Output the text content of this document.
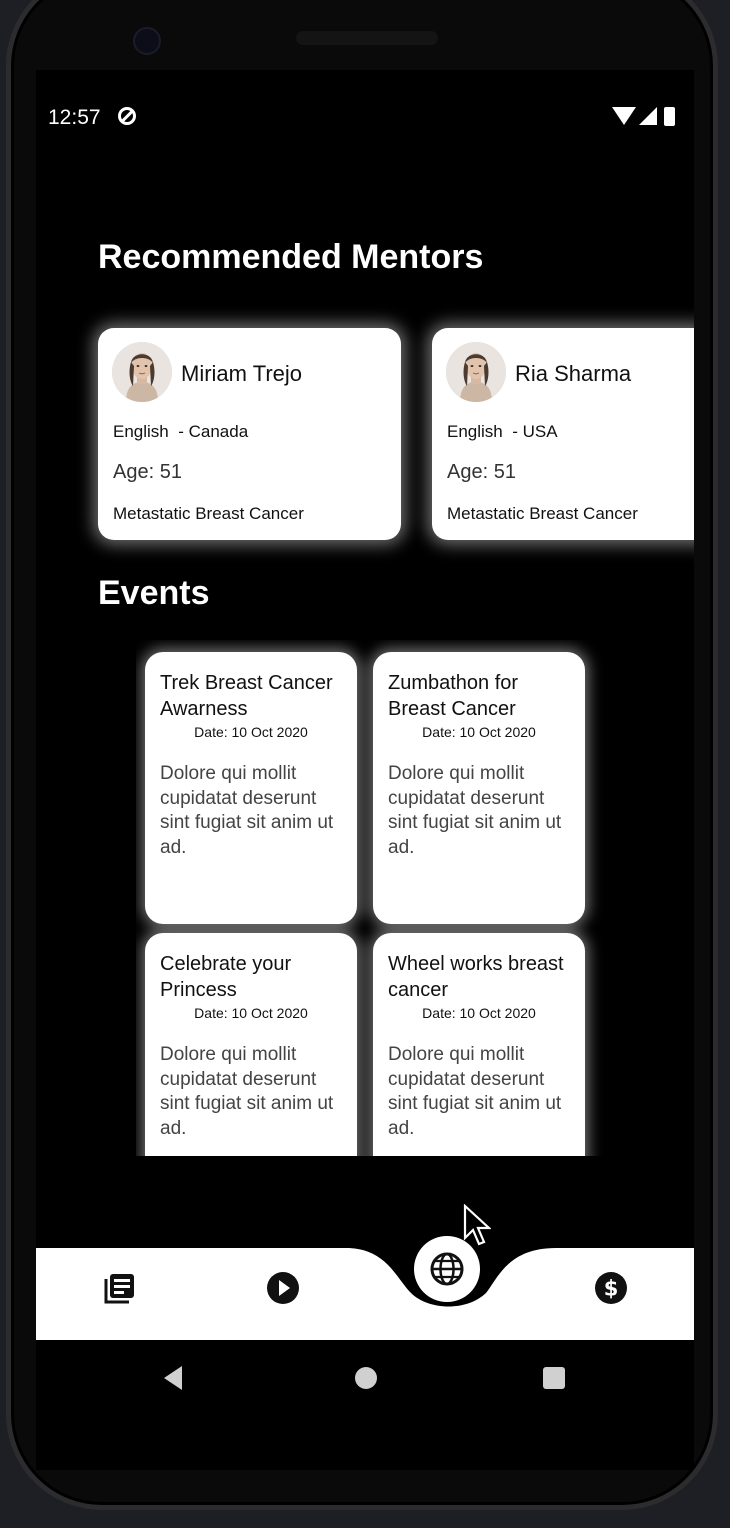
12:57
Recommended Mentors
Miriam Trejo
English - Canada
Age: 51
Metastatic Breast Cancer
Ria Sharma
English - USA
Age: 51
Metastatic Breast Cancer
Events
Trek Breast Cancer Awarness

Date: 10 Oct 2020

Dolore qui mollit cupidatat deserunt sint fugiat sit anim ut ad.

Zumbathon for Breast Cancer

Date: 10 Oct 2020

Dolore qui mollit cupidatat deserunt sint fugiat sit anim ut ad.

Celebrate your Princess

Date: 10 Oct 2020

Dolore qui mollit cupidatat deserunt sint fugiat sit anim ut ad.

Wheel works breast cancer

Date: 10 Oct 2020

Dolore qui mollit cupidatat deserunt sint fugiat sit anim ut ad.

$
